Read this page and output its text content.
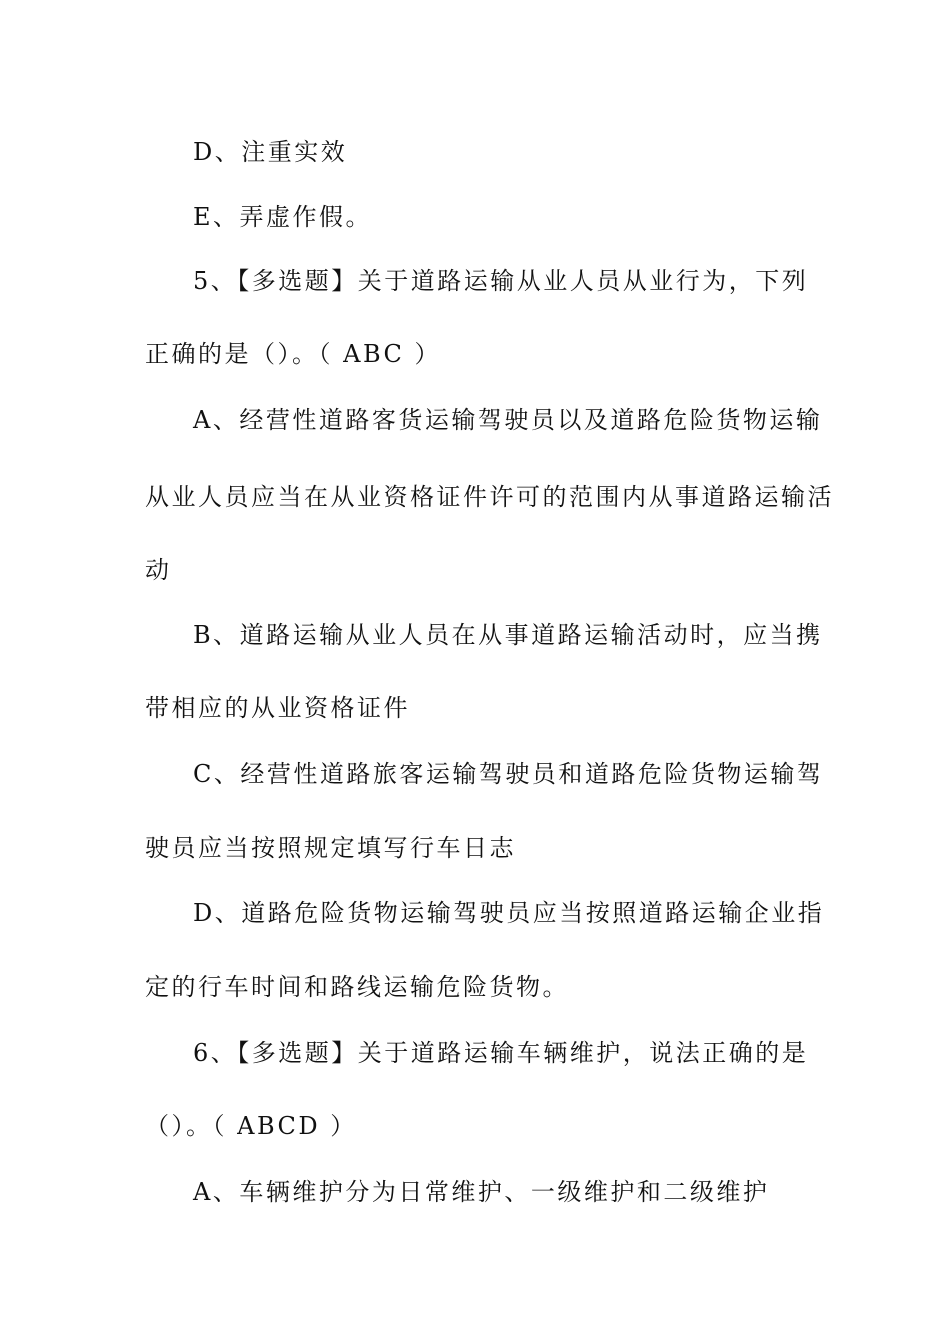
D、注重实效
E、弄虚作假。
5、【多选题】关于道路运输从业人员从业行为，下列
正确的是（）。（ ABC ）
A、经营性道路客货运输驾驶员以及道路危险货物运输
从业人员应当在从业资格证件许可的范围内从事道路运输活
动
B、道路运输从业人员在从事道路运输活动时，应当携
带相应的从业资格证件
C、经营性道路旅客运输驾驶员和道路危险货物运输驾
驶员应当按照规定填写行车日志
D、道路危险货物运输驾驶员应当按照道路运输企业指
定的行车时间和路线运输危险货物。
6、【多选题】关于道路运输车辆维护，说法正确的是
（）。（ ABCD ）
A、车辆维护分为日常维护、一级维护和二级维护
